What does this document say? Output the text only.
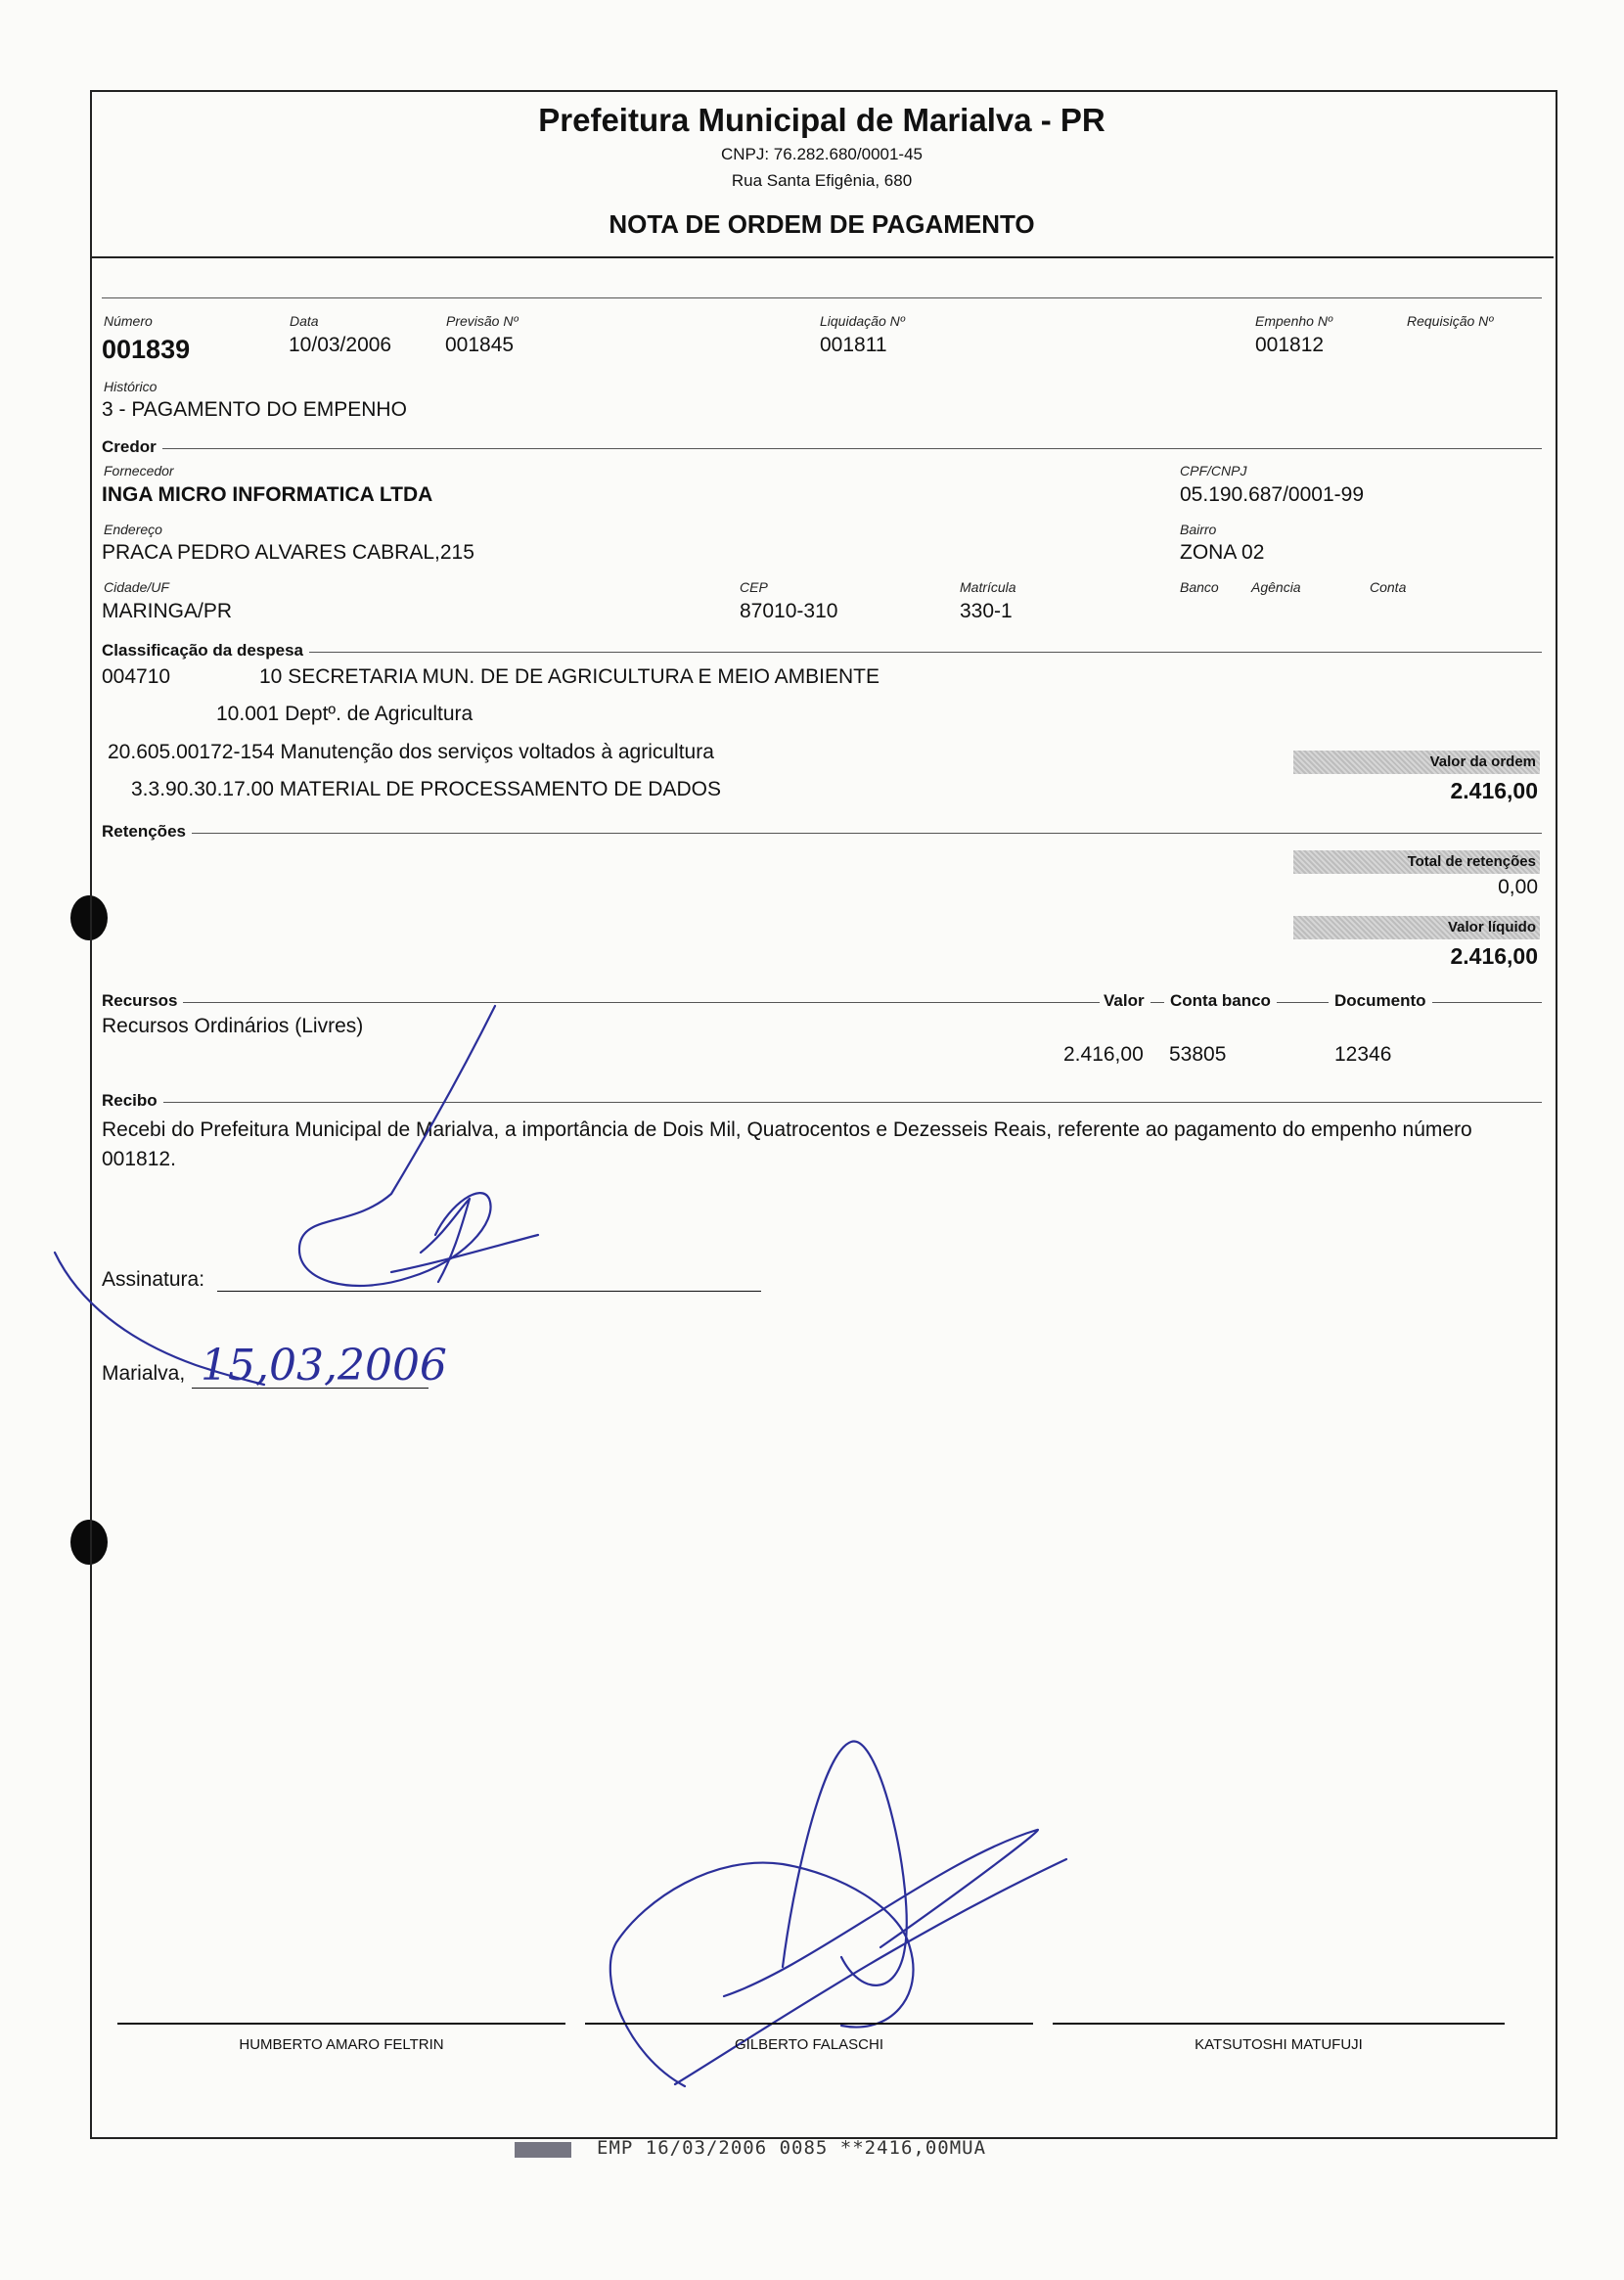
Prefeitura Municipal de Marialva - PR
CNPJ: 76.282.680/0001-45
Rua Santa Efigênia, 680
NOTA DE ORDEM DE PAGAMENTO
Número
001839
Data
10/03/2006
Previsão Nº
001845
Liquidação Nº
001811
Empenho Nº
001812
Requisição Nº
Histórico
3 - PAGAMENTO DO EMPENHO
Credor
Fornecedor
INGA MICRO INFORMATICA LTDA
CPF/CNPJ
05.190.687/0001-99
Endereço
PRACA PEDRO ALVARES CABRAL,215
Bairro
ZONA 02
Cidade/UF
MARINGA/PR
CEP
87010-310
Matrícula
330-1
Banco Agência	Conta
Classificação da despesa
004710	10 SECRETARIA MUN. DE DE AGRICULTURA E MEIO AMBIENTE
10.001 Deptº. de Agricultura
20.605.00172-154 Manutenção dos serviços voltados à agricultura
3.3.90.30.17.00 MATERIAL DE PROCESSAMENTO DE DADOS
Valor da ordem
2.416,00
Retenções
Total de retenções
0,00
Valor líquido
2.416,00
Recursos	Valor	Conta banco	Documento
Recursos Ordinários (Livres)
2.416,00 53805	12346
Recibo
Recebi do Prefeitura Municipal de Marialva, a importância de Dois Mil, Quatrocentos e Dezesseis Reais, referente ao pagamento do empenho número 001812.
Assinatura:
Marialva, 15,03,2006
HUMBERTO AMARO FELTRIN	GILBERTO FALASCHI	KATSUTOSHI MATUFUJI
EMP 16/03/2006 0085 **2416,00MUA
